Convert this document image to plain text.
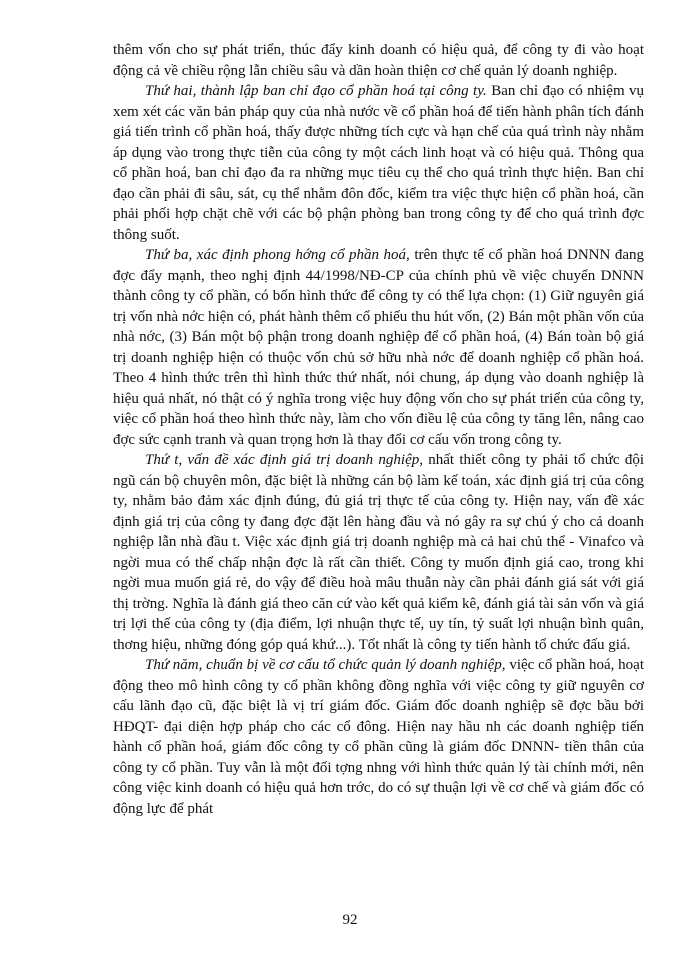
thêm vốn cho sự phát triển, thúc đẩy kinh doanh có hiệu quả, để công ty đi vào hoạt động cả về chiều rộng lẫn chiều sâu và dần hoàn thiện cơ chế quản lý doanh nghiệp.

Thứ hai, thành lập ban chỉ đạo cổ phần hoá tại công ty. Ban chỉ đạo có nhiệm vụ xem xét các văn bản pháp quy của nhà nước về cổ phần hoá để tiến hành phân tích đánh giá tiến trình cổ phần hoá, thấy được những tích cực và hạn chế của quá trình này nhằm áp dụng vào trong thực tiễn của công ty một cách linh hoạt và có hiệu quả. Thông qua cổ phần hoá, ban chỉ đạo đa ra những mục tiêu cụ thể cho quá trình thực hiện. Ban chỉ đạo cần phải đi sâu, sát, cụ thể nhằm đôn đốc, kiểm tra việc thực hiện cổ phần hoá, cần phải phối hợp chặt chẽ với các bộ phận phòng ban trong công ty để cho quá trình đợc thông suốt.

Thứ ba, xác định phong hớng cổ phần hoá, trên thực tế cổ phần hoá DNNN đang đợc đẩy mạnh, theo nghị định 44/1998/NĐ-CP của chính phủ về việc chuyển DNNN thành công ty cổ phần, có bốn hình thức để công ty có thể lựa chọn: (1) Giữ nguyên giá trị vốn nhà nớc hiện có, phát hành thêm cổ phiếu thu hút vốn, (2) Bán một phần vốn của nhà nớc, (3) Bán một bộ phận trong doanh nghiệp để cổ phần hoá, (4) Bán toàn bộ giá trị doanh nghiệp hiện có thuộc vốn chủ sở hữu nhà nớc để doanh nghiệp cổ phần hoá. Theo 4 hình thức trên thì hình thức thứ nhất, nói chung, áp dụng vào doanh nghiệp là hiệu quả nhất, nó thật có ý nghĩa trong việc huy động vốn cho sự phát triển của công ty, việc cổ phần hoá theo hình thức này, làm cho vốn điều lệ của công ty tăng lên, nâng cao đợc sức cạnh tranh và quan trọng hơn là thay đổi cơ cấu vốn trong công ty.

Thứ t, vấn đề xác định giá trị doanh nghiệp, nhất thiết công ty phải tổ chức đội ngũ cán bộ chuyên môn, đặc biệt là những cán bộ làm kế toán, xác định giá trị của công ty, nhằm bảo đảm xác định đúng, đủ giá trị thực tế của công ty. Hiện nay, vấn đề xác định giá trị của công ty đang đợc đặt lên hàng đầu và nó gây ra sự chú ý cho cả doanh nghiệp lẫn nhà đầu t. Việc xác định giá trị doanh nghiệp mà cả hai chủ thể - Vinafco và ngời mua có thể chấp nhận đợc là rất cần thiết. Công ty muốn định giá cao, trong khi ngời mua muốn giá rẻ, do vậy để điều hoà mâu thuẫn này cần phải đánh giá sát với giá thị trờng. Nghĩa là đánh giá theo căn cứ vào kết quả kiểm kê, đánh giá tài sản vốn và giá trị lợi thế của công ty (địa điểm, lợi nhuận thực tế, uy tín, tỷ suất lợi nhuận bình quân, thơng hiệu, những đóng góp quá khứ...). Tốt nhất là công ty tiến hành tổ chức đấu giá.

Thứ năm, chuẩn bị về cơ cấu tổ chức quản lý doanh nghiệp, việc cổ phần hoá, hoạt động theo mô hình công ty cổ phần không đồng nghĩa với việc công ty giữ nguyên cơ cấu lãnh đạo cũ, đặc biệt là vị trí giám đốc. Giám đốc doanh nghiệp sẽ đợc bầu bởi HĐQT- đại diện hợp pháp cho các cổ đông. Hiện nay hầu nh các doanh nghiệp tiến hành cổ phần hoá, giám đốc công ty cổ phần cũng là giám đốc DNNN- tiền thân của công ty cổ phần. Tuy vẫn là một đối tợng nhng với hình thức quản lý tài chính mới, nên công việc kinh doanh có hiệu quả hơn trớc, do có sự thuận lợi về cơ chế và giám đốc có động lực để phát

92
